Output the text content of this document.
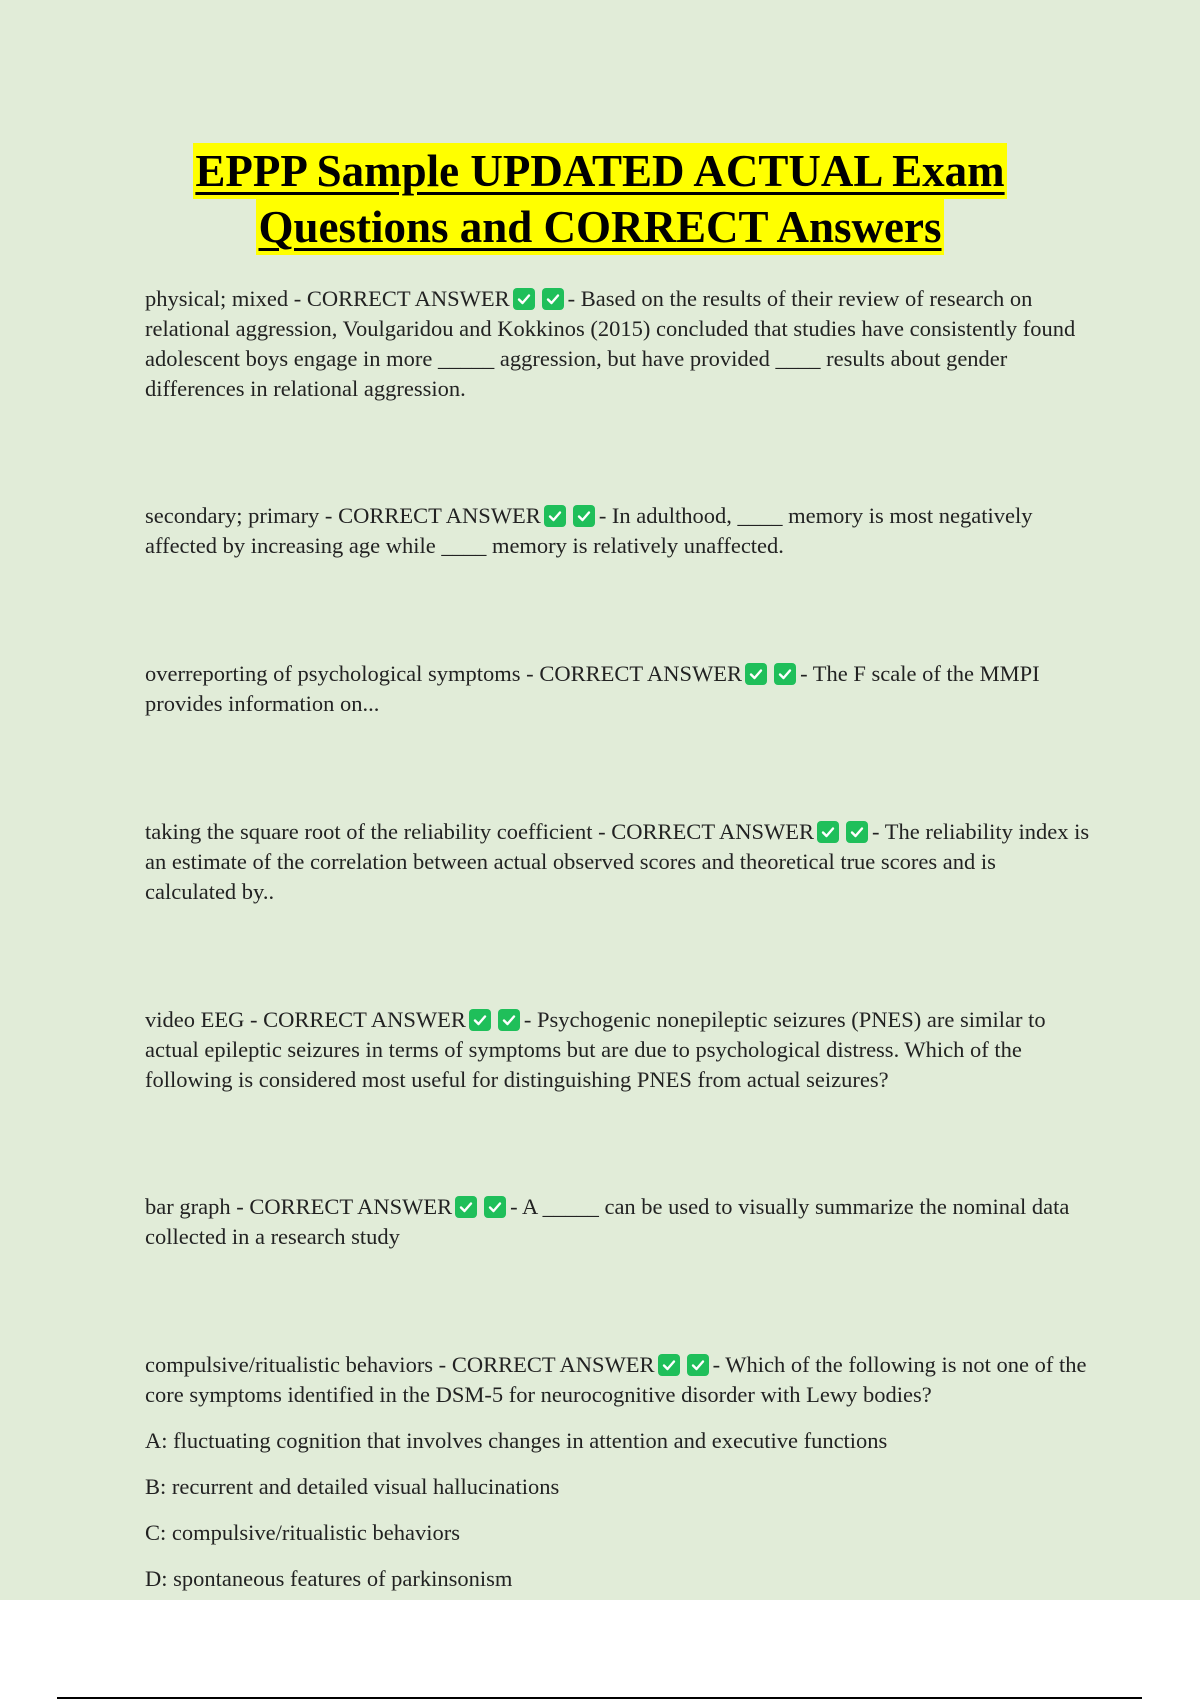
EPPP Sample UPDATED ACTUAL Exam
Questions and CORRECT Answers

physical; mixed - CORRECT ANSWER	- Based on the results of their review of research on relational aggression, Voulgaridou and Kokkinos (2015) concluded that studies have consistently found adolescent boys engage in more _____ aggression, but have provided ____ results about gender differences in relational aggression.

secondary; primary - CORRECT ANSWER	- In adulthood, ____ memory is most negatively affected by increasing age while ____ memory is relatively unaffected.

overreporting of psychological symptoms - CORRECT ANSWER	- The F scale of the MMPI provides information on...

taking the square root of the reliability coefficient - CORRECT ANSWER	- The reliability index is an estimate of the correlation between actual observed scores and theoretical true scores and is calculated by..

video EEG - CORRECT ANSWER	- Psychogenic nonepileptic seizures (PNES) are similar to actual epileptic seizures in terms of symptoms but are due to psychological distress. Which of the following is considered most useful for distinguishing PNES from actual seizures?

bar graph - CORRECT ANSWER	- A _____ can be used to visually summarize the nominal data collected in a research study

compulsive/ritualistic behaviors - CORRECT ANSWER	- Which of the following is not one of the core symptoms identified in the DSM-5 for neurocognitive disorder with Lewy bodies?

A: fluctuating cognition that involves changes in attention and executive functions

B: recurrent and detailed visual hallucinations

C: compulsive/ritualistic behaviors

D: spontaneous features of parkinsonism
